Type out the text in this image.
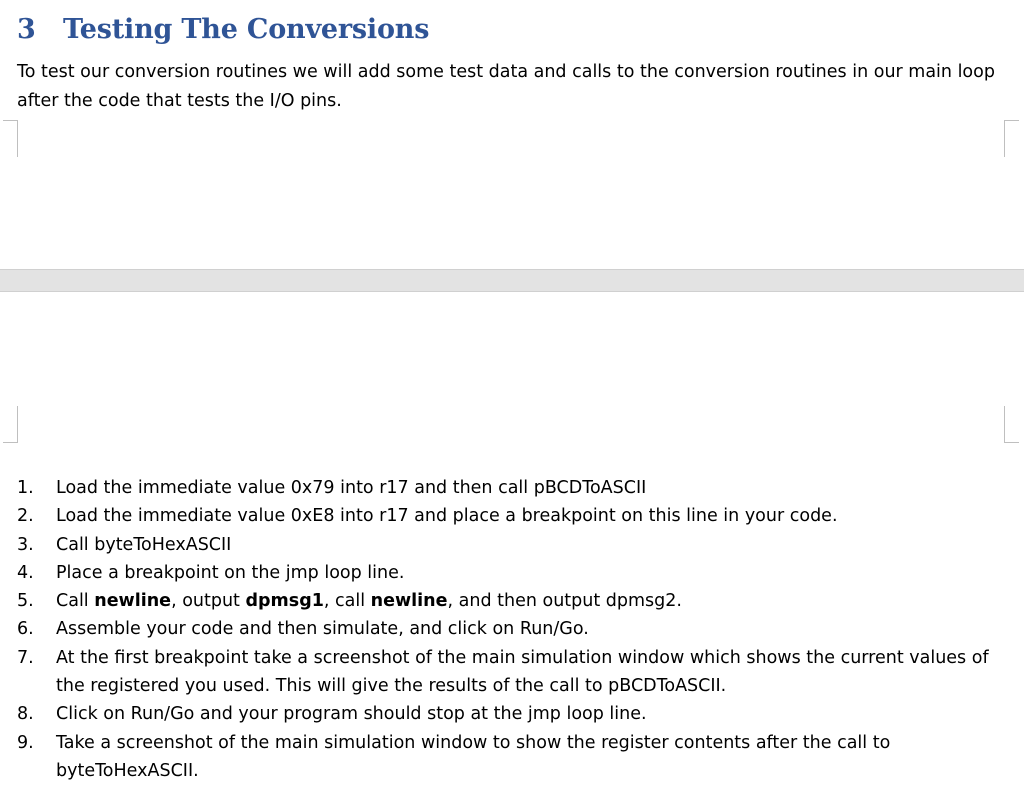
3 Testing The Conversions
To test our conversion routines we will add some test data and calls to the conversion routines in our main loop after the code that tests the I/O pins.
1.	Load the immediate value 0x79 into r17 and then call pBCDToASCII
2.	Load the immediate value 0xE8 into r17 and place a breakpoint on this line in your code.
3.	Call byteToHexASCII
4.	Place a breakpoint on the jmp loop line.
5.	Call newline, output dpmsg1, call newline, and then output dpmsg2.
6.	Assemble your code and then simulate, and click on Run/Go.
7.	At the first breakpoint take a screenshot of the main simulation window which shows the current values of the registered you used. This will give the results of the call to pBCDToASCII.
8.	Click on Run/Go and your program should stop at the jmp loop line.
9.	Take a screenshot of the main simulation window to show the register contents after the call to byteToHexASCII.
